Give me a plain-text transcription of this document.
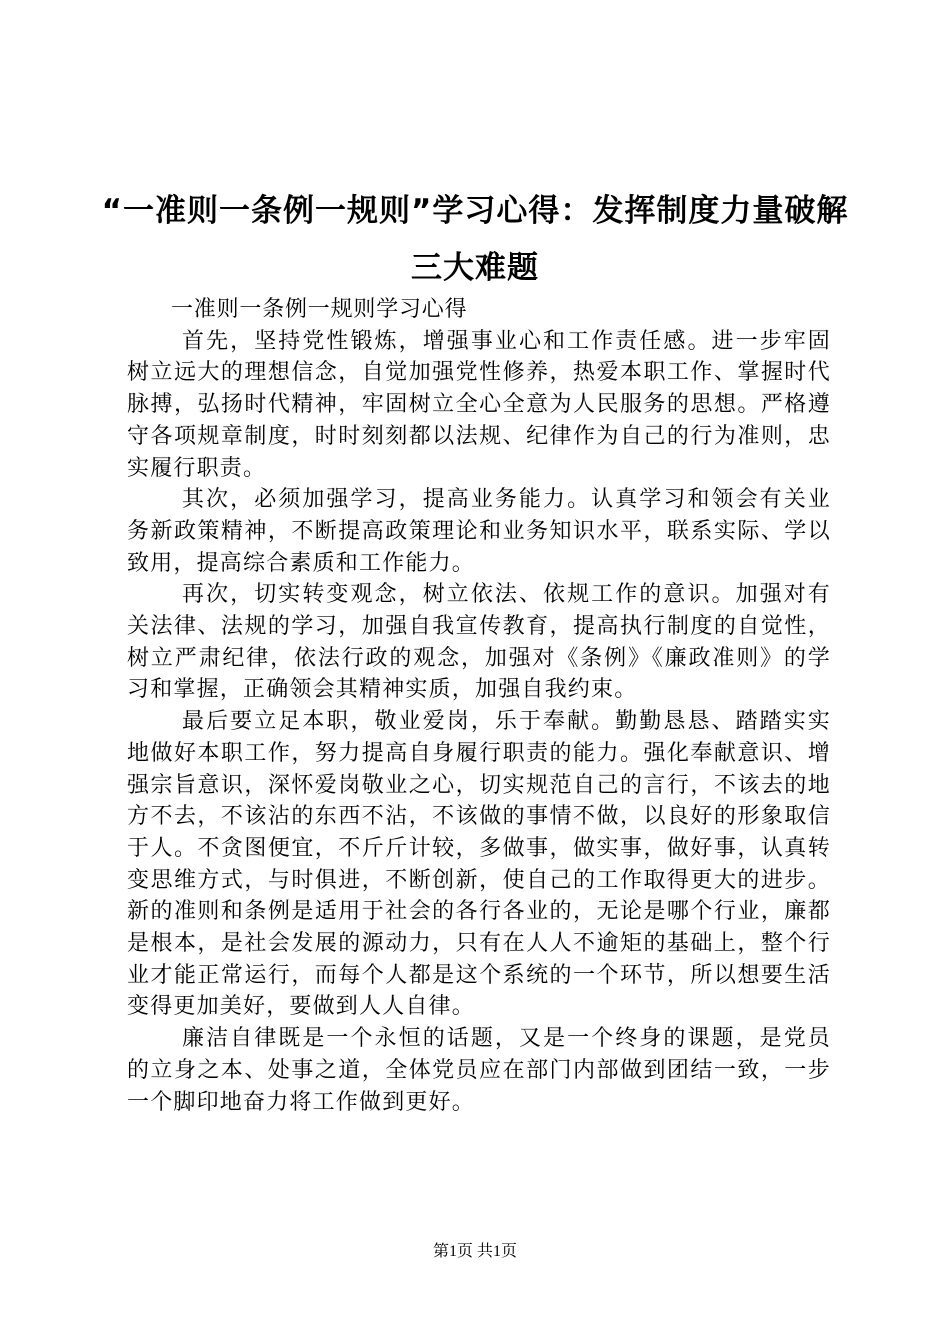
“一准则一条例一规则”学习心得：发挥制度力量破解三大难题

一准则一条例一规则学习心得

首先，坚持党性锻炼，增强事业心和工作责任感。进一步牢固树立远大的理想信念，自觉加强党性修养，热爱本职工作、掌握时代脉搏，弘扬时代精神，牢固树立全心全意为人民服务的思想。严格遵守各项规章制度，时时刻刻都以法规、纪律作为自己的行为准则，忠实履行职责。

其次，必须加强学习，提高业务能力。认真学习和领会有关业务新政策精神，不断提高政策理论和业务知识水平，联系实际、学以致用，提高综合素质和工作能力。

再次，切实转变观念，树立依法、依规工作的意识。加强对有关法律、法规的学习，加强自我宣传教育，提高执行制度的自觉性，树立严肃纪律，依法行政的观念，加强对《条例》《廉政准则》的学习和掌握，正确领会其精神实质，加强自我约束。

最后要立足本职，敬业爱岗，乐于奉献。勤勤恳恳、踏踏实实地做好本职工作，努力提高自身履行职责的能力。强化奉献意识、增强宗旨意识，深怀爱岗敬业之心，切实规范自己的言行，不该去的地方不去，不该沾的东西不沾，不该做的事情不做，以良好的形象取信于人。不贪图便宜，不斤斤计较，多做事，做实事，做好事，认真转变思维方式，与时俱进，不断创新，使自己的工作取得更大的进步。新的准则和条例是适用于社会的各行各业的，无论是哪个行业，廉都是根本，是社会发展的源动力，只有在人人不逾矩的基础上，整个行业才能正常运行，而每个人都是这个系统的一个环节，所以想要生活变得更加美好，要做到人人自律。

廉洁自律既是一个永恒的话题，又是一个终身的课题，是党员的立身之本、处事之道，全体党员应在部门内部做到团结一致，一步一个脚印地奋力将工作做到更好。

第1页 共1页
